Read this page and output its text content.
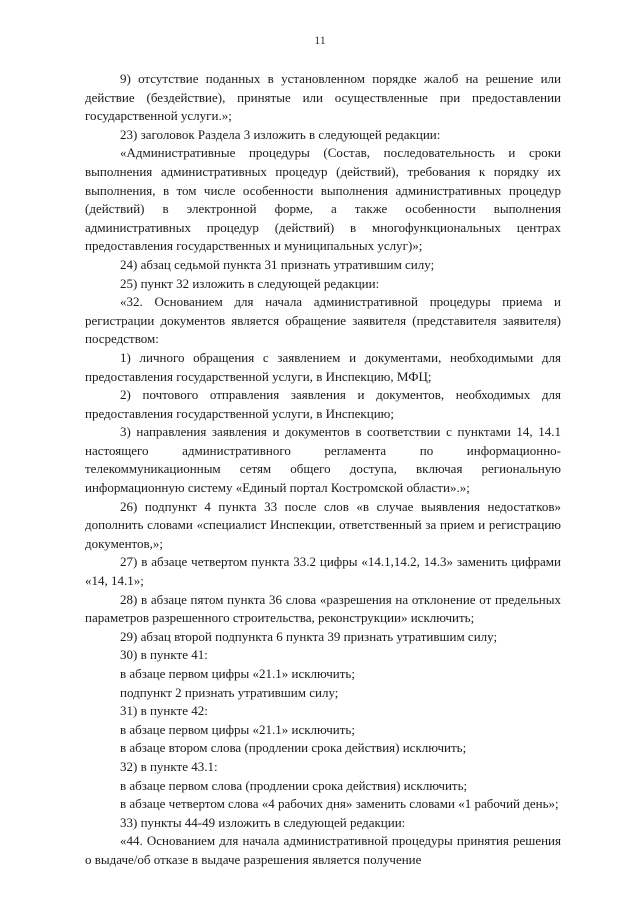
11

9) отсутствие поданных в установленном порядке жалоб на решение или действие (бездействие), принятые или осуществленные при предоставлении государственной услуги.»;

23) заголовок Раздела 3 изложить в следующей редакции:

«Административные процедуры (Состав, последовательность и сроки выполнения административных процедур (действий), требования к порядку их выполнения, в том числе особенности выполнения административных процедур (действий) в электронной форме, а также особенности выполнения административных процедур (действий) в многофункциональных центрах предоставления государственных и муниципальных услуг)»;

24) абзац седьмой пункта 31 признать утратившим силу;

25) пункт 32 изложить в следующей редакции:

«32. Основанием для начала административной процедуры приема и регистрации документов является обращение заявителя (представителя заявителя) посредством:

1) личного обращения с заявлением и документами, необходимыми для предоставления государственной услуги, в Инспекцию, МФЦ;

2) почтового отправления заявления и документов, необходимых для предоставления государственной услуги, в Инспекцию;

3) направления заявления и документов в соответствии с пунктами 14, 14.1 настоящего административного регламента по информационно-телекоммуникационным сетям общего доступа, включая региональную информационную систему «Единый портал Костромской области».»;

26) подпункт 4 пункта 33 после слов «в случае выявления недостатков» дополнить словами «специалист Инспекции, ответственный за прием и регистрацию документов,»;

27) в абзаце четвертом пункта 33.2 цифры «14.1,14.2, 14.3» заменить цифрами «14, 14.1»;

28) в абзаце пятом пункта 36 слова «разрешения на отклонение от предельных параметров разрешенного строительства, реконструкции» исключить;

29) абзац второй подпункта 6 пункта 39 признать утратившим силу;

30) в пункте 41:

в абзаце первом цифры «21.1» исключить;

подпункт 2 признать утратившим силу;

31) в пункте 42:

в абзаце первом цифры «21.1» исключить;

в абзаце втором слова (продлении срока действия) исключить;

32) в пункте 43.1:

в абзаце первом слова (продлении срока действия) исключить;

в абзаце четвертом слова «4 рабочих дня» заменить словами «1 рабочий день»;

33) пункты 44-49 изложить в следующей редакции:

«44. Основанием для начала административной процедуры принятия решения о выдаче/об отказе в выдаче разрешения является получение
